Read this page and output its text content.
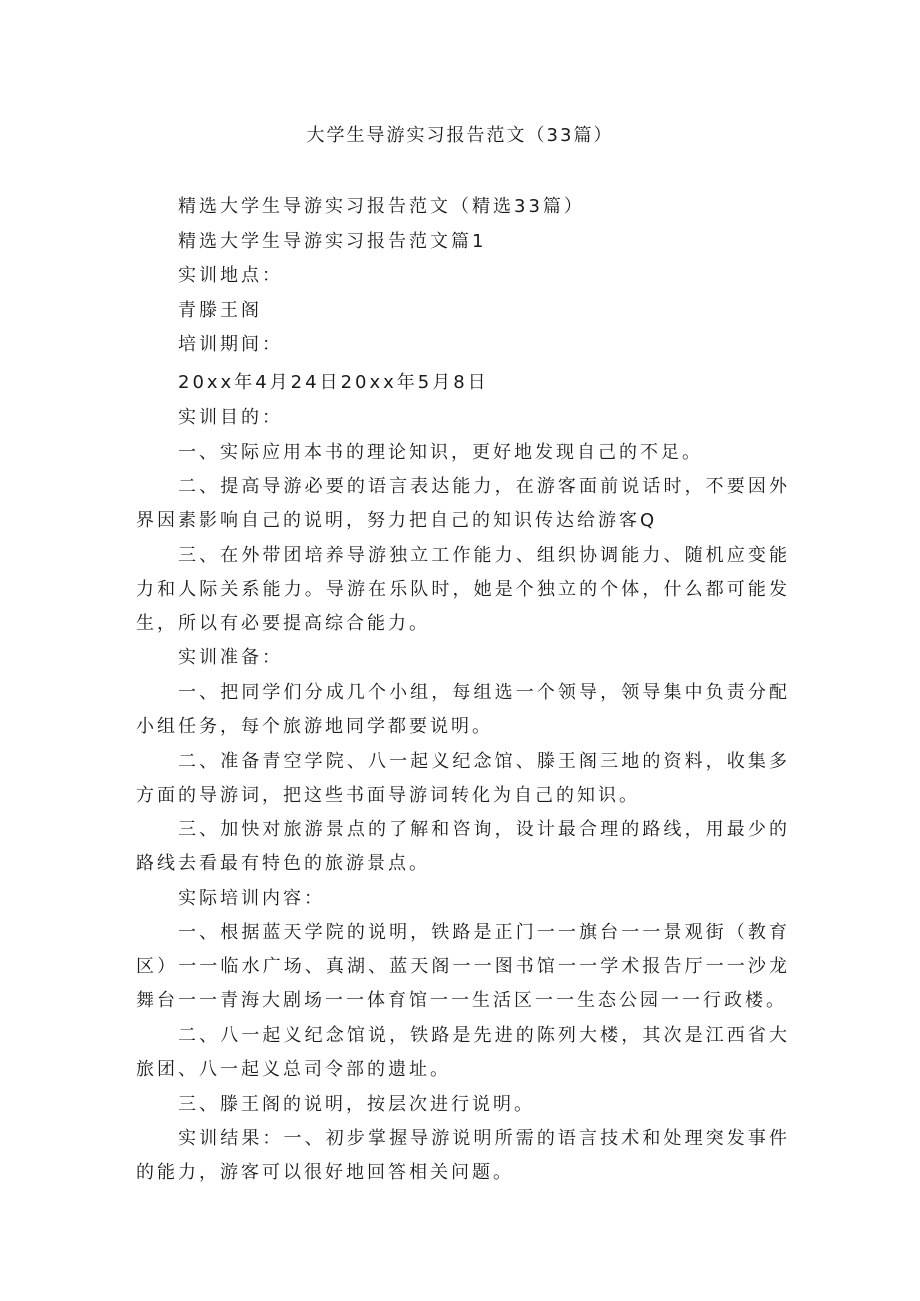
大学生导游实习报告范文（33篇）

精选大学生导游实习报告范文（精选33篇）

精选大学生导游实习报告范文篇1

实训地点：

青滕王阁

培训期间：

20xx年4月24日20xx年5月8日

实训目的：

一、实际应用本书的理论知识，更好地发现自己的不足。

二、提高导游必要的语言表达能力，在游客面前说话时，不要因外界因素影响自己的说明，努力把自己的知识传达给游客Q

三、在外带团培养导游独立工作能力、组织协调能力、随机应变能力和人际关系能力。导游在乐队时，她是个独立的个体，什么都可能发生，所以有必要提高综合能力。

实训准备：

一、把同学们分成几个小组，每组选一个领导，领导集中负责分配小组任务，每个旅游地同学都要说明。

二、准备青空学院、八一起义纪念馆、滕王阁三地的资料，收集多方面的导游词，把这些书面导游词转化为自己的知识。

三、加快对旅游景点的了解和咨询，设计最合理的路线，用最少的路线去看最有特色的旅游景点。

实际培训内容：

一、根据蓝天学院的说明，铁路是正门一一旗台一一景观街（教育区）一一临水广场、真湖、蓝天阁一一图书馆一一学术报告厅一一沙龙舞台一一青海大剧场一一体育馆一一生活区一一生态公园一一行政楼。

二、八一起义纪念馆说，铁路是先进的陈列大楼，其次是江西省大旅团、八一起义总司令部的遗址。

三、滕王阁的说明，按层次进行说明。

实训结果：一、初步掌握导游说明所需的语言技术和处理突发事件的能力，游客可以很好地回答相关问题。
